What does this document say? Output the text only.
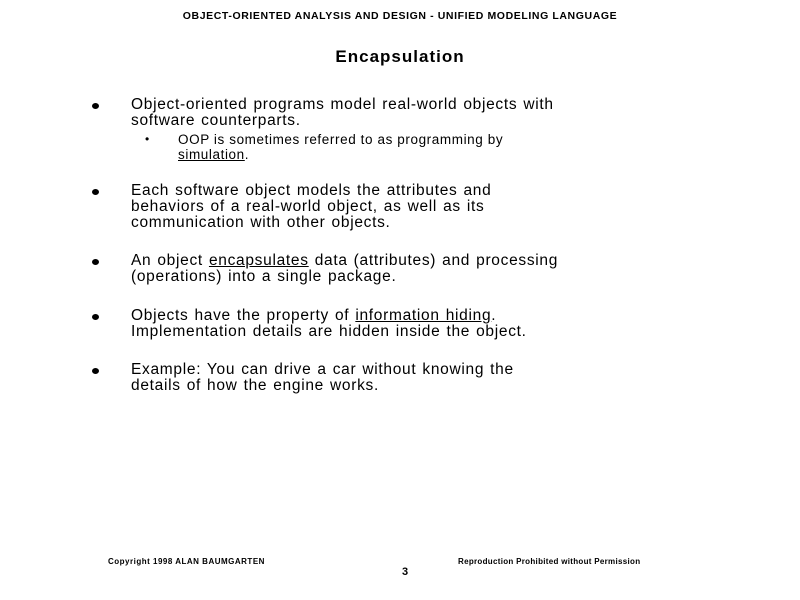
OBJECT-ORIENTED ANALYSIS AND DESIGN - UNIFIED MODELING LANGUAGE
Encapsulation
Object-oriented programs model real-world objects with
software counterparts.
• OOP is sometimes referred to as programming by
simulation.
Each software object models the attributes and
behaviors of a real-world object, as well as its
communication with other objects.
An object encapsulates data (attributes) and processing
(operations) into a single package.
Objects have the property of information hiding.
Implementation details are hidden inside the object.
Example: You can drive a car without knowing the
details of how the engine works.
Copyright 1998 ALAN BAUMGARTEN
3
Reproduction Prohibited without Permission
